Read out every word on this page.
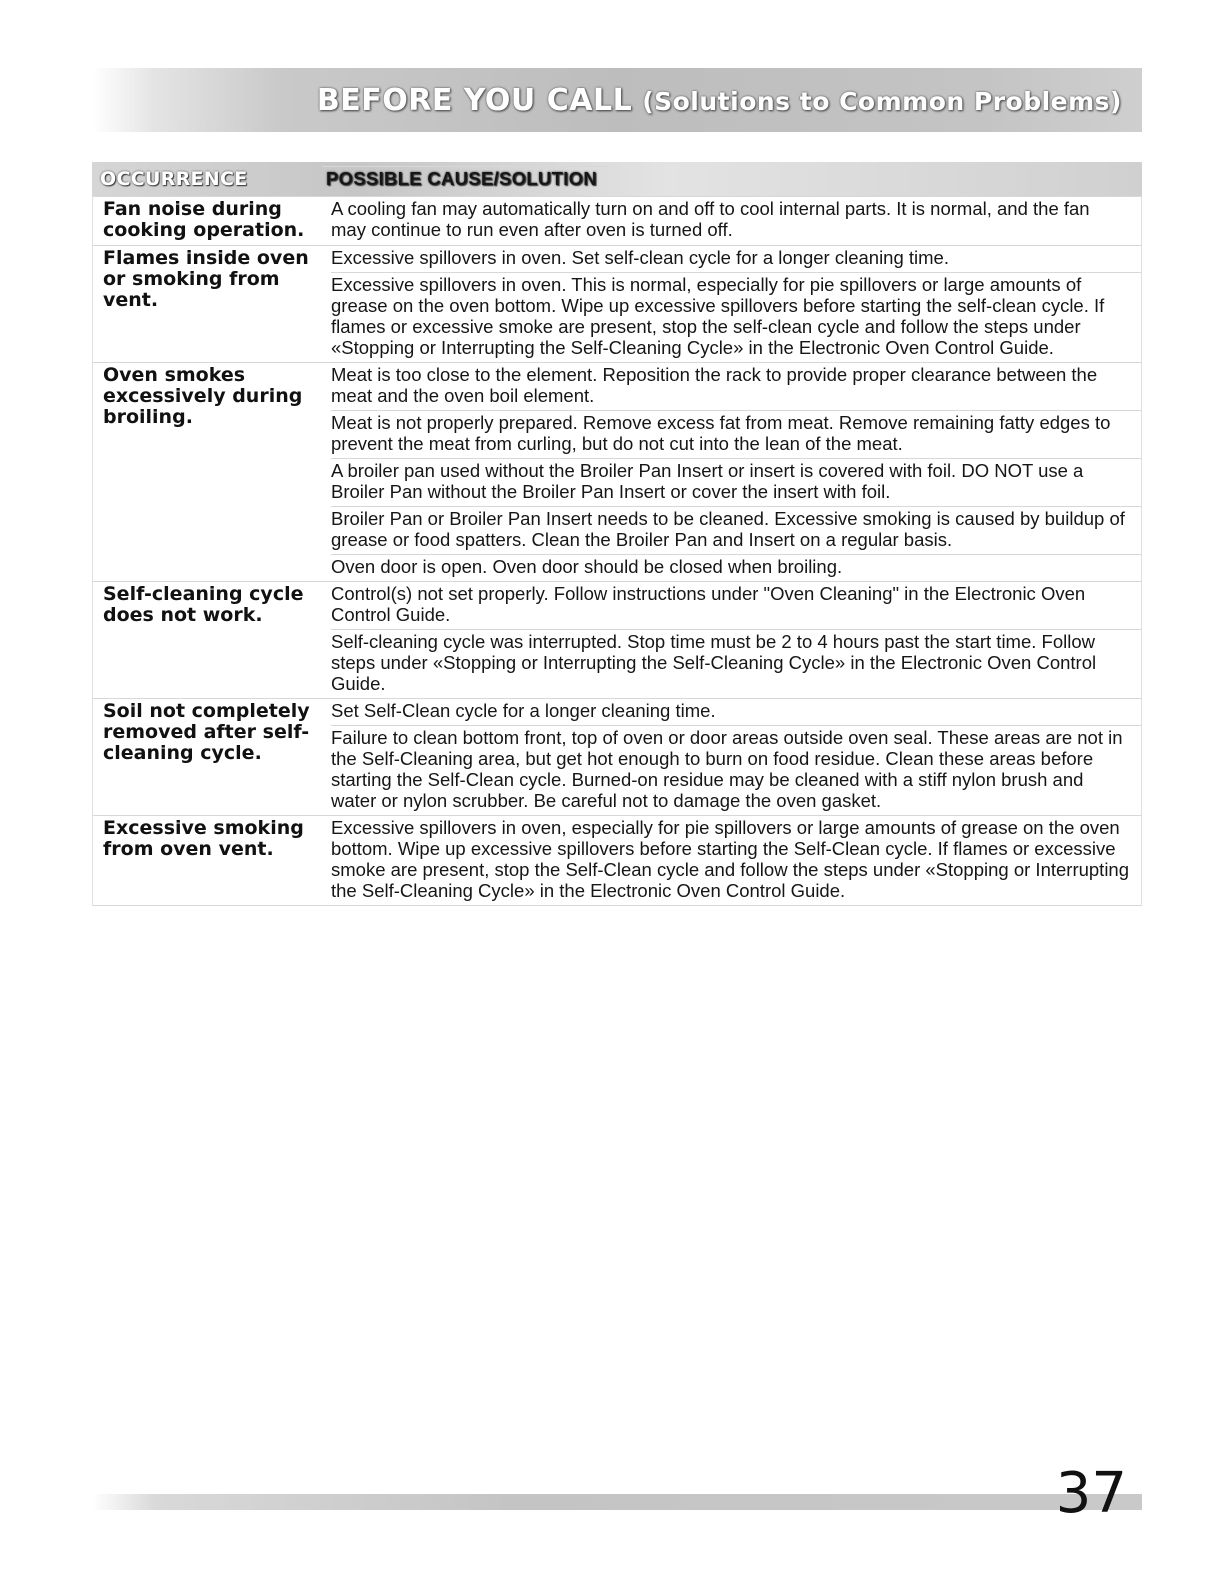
BEFORE YOU CALL (Solutions to Common Problems)
OCCURRENCE	POSSIBLE CAUSE/SOLUTION
Fan noise during cooking operation.
A cooling fan may automatically turn on and off to cool internal parts. It is normal, and the fan may continue to run even after oven is turned off.
Flames inside oven or smoking from vent.
Excessive spillovers in oven. Set self-clean cycle for a longer cleaning time.
Excessive spillovers in oven. This is normal, especially for pie spillovers or large amounts of grease on the oven bottom. Wipe up excessive spillovers before starting the self-clean cycle. If flames or excessive smoke are present, stop the self-clean cycle and follow the steps under «Stopping or Interrupting the Self-Cleaning Cycle» in the Electronic Oven Control Guide.
Oven smokes excessively during broiling.
Meat is too close to the element. Reposition the rack to provide proper clearance between the meat and the oven boil element.
Meat is not properly prepared. Remove excess fat from meat. Remove remaining fatty edges to prevent the meat from curling, but do not cut into the lean of the meat.
A broiler pan used without the Broiler Pan Insert or insert is covered with foil. DO NOT use a Broiler Pan without the Broiler Pan Insert or cover the insert with foil.
Broiler Pan or Broiler Pan Insert needs to be cleaned. Excessive smoking is caused by buildup of grease or food spatters. Clean the Broiler Pan and Insert on a regular basis.
Oven door is open. Oven door should be closed when broiling.
Self-cleaning cycle does not work.
Control(s) not set properly. Follow instructions under "Oven Cleaning" in the Electronic Oven Control Guide.
Self-cleaning cycle was interrupted. Stop time must be 2 to 4 hours past the start time. Follow steps under «Stopping or Interrupting the Self-Cleaning Cycle» in the Electronic Oven Control Guide.
Soil not completely removed after self-cleaning cycle.
Set Self-Clean cycle for a longer cleaning time.
Failure to clean bottom front, top of oven or door areas outside oven seal. These areas are not in the Self-Cleaning area, but get hot enough to burn on food residue. Clean these areas before starting the Self-Clean cycle. Burned-on residue may be cleaned with a stiff nylon brush and water or nylon scrubber. Be careful not to damage the oven gasket.
Excessive smoking from oven vent.
Excessive spillovers in oven, especially for pie spillovers or large amounts of grease on the oven bottom. Wipe up excessive spillovers before starting the Self-Clean cycle. If flames or excessive smoke are present, stop the Self-Clean cycle and follow the steps under «Stopping or Interrupting the Self-Cleaning Cycle» in the Electronic Oven Control Guide.
37
